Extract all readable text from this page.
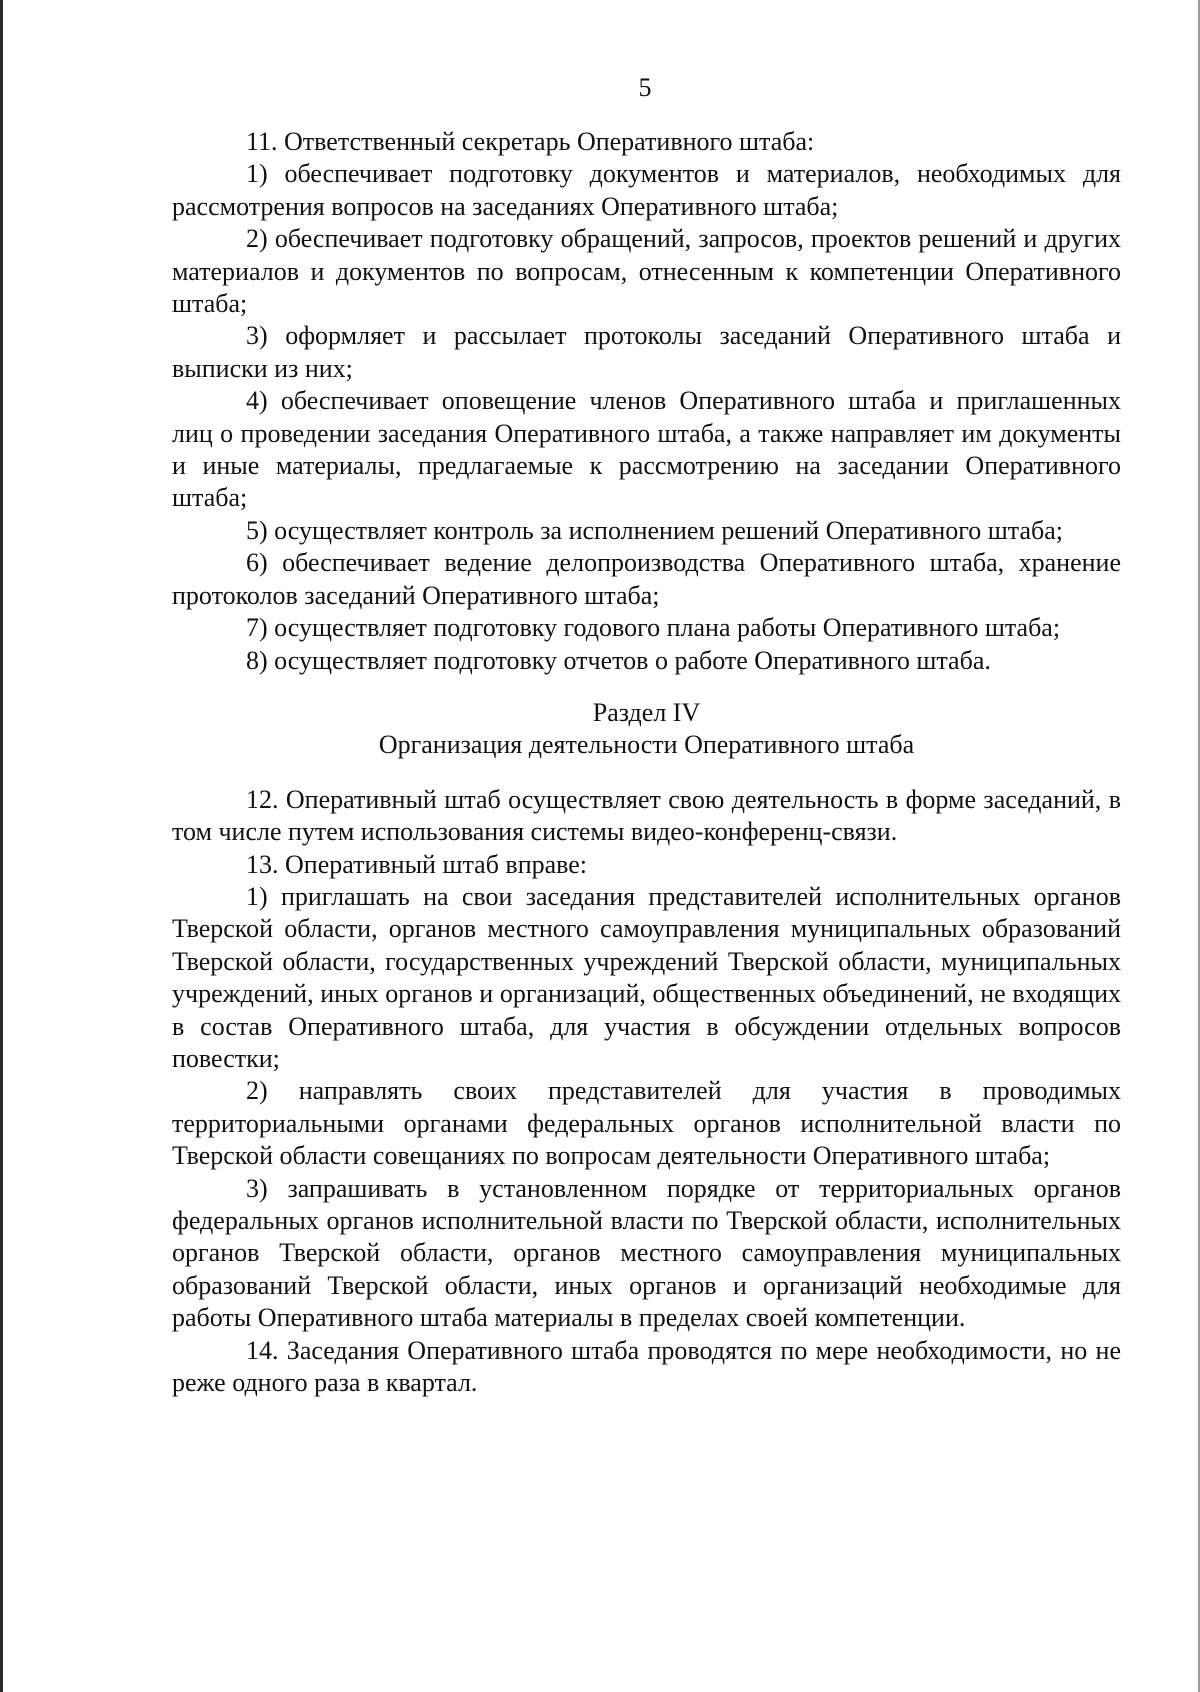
5

11. Ответственный секретарь Оперативного штаба:

1) обеспечивает подготовку документов и материалов, необходимых для рассмотрения вопросов на заседаниях Оперативного штаба;

2) обеспечивает подготовку обращений, запросов, проектов решений и других материалов и документов по вопросам, отнесенным к компетенции Оперативного штаба;

3) оформляет и рассылает протоколы заседаний Оперативного штаба и выписки из них;

4) обеспечивает оповещение членов Оперативного штаба и приглашенных лиц о проведении заседания Оперативного штаба, а также направляет им документы и иные материалы, предлагаемые к рассмотрению на заседании Оперативного штаба;

5) осуществляет контроль за исполнением решений Оперативного штаба;

6) обеспечивает ведение делопроизводства Оперативного штаба, хранение протоколов заседаний Оперативного штаба;

7) осуществляет подготовку годового плана работы Оперативного штаба;

8) осуществляет подготовку отчетов о работе Оперативного штаба.

Раздел IV

Организация деятельности Оперативного штаба

12. Оперативный штаб осуществляет свою деятельность в форме заседаний, в том числе путем использования системы видео-конференц-связи.

13. Оперативный штаб вправе:

1) приглашать на свои заседания представителей исполнительных органов Тверской области, органов местного самоуправления муниципальных образований Тверской области, государственных учреждений Тверской области, муниципальных учреждений, иных органов и организаций, общественных объединений, не входящих в состав Оперативного штаба, для участия в обсуждении отдельных вопросов повестки;

2) направлять своих представителей для участия в проводимых территориальными органами федеральных органов исполнительной власти по Тверской области совещаниях по вопросам деятельности Оперативного штаба;

3) запрашивать в установленном порядке от территориальных органов федеральных органов исполнительной власти по Тверской области, исполнительных органов Тверской области, органов местного самоуправления муниципальных образований Тверской области, иных органов и организаций необходимые для работы Оперативного штаба материалы в пределах своей компетенции.

14. Заседания Оперативного штаба проводятся по мере необходимости, но не реже одного раза в квартал.
